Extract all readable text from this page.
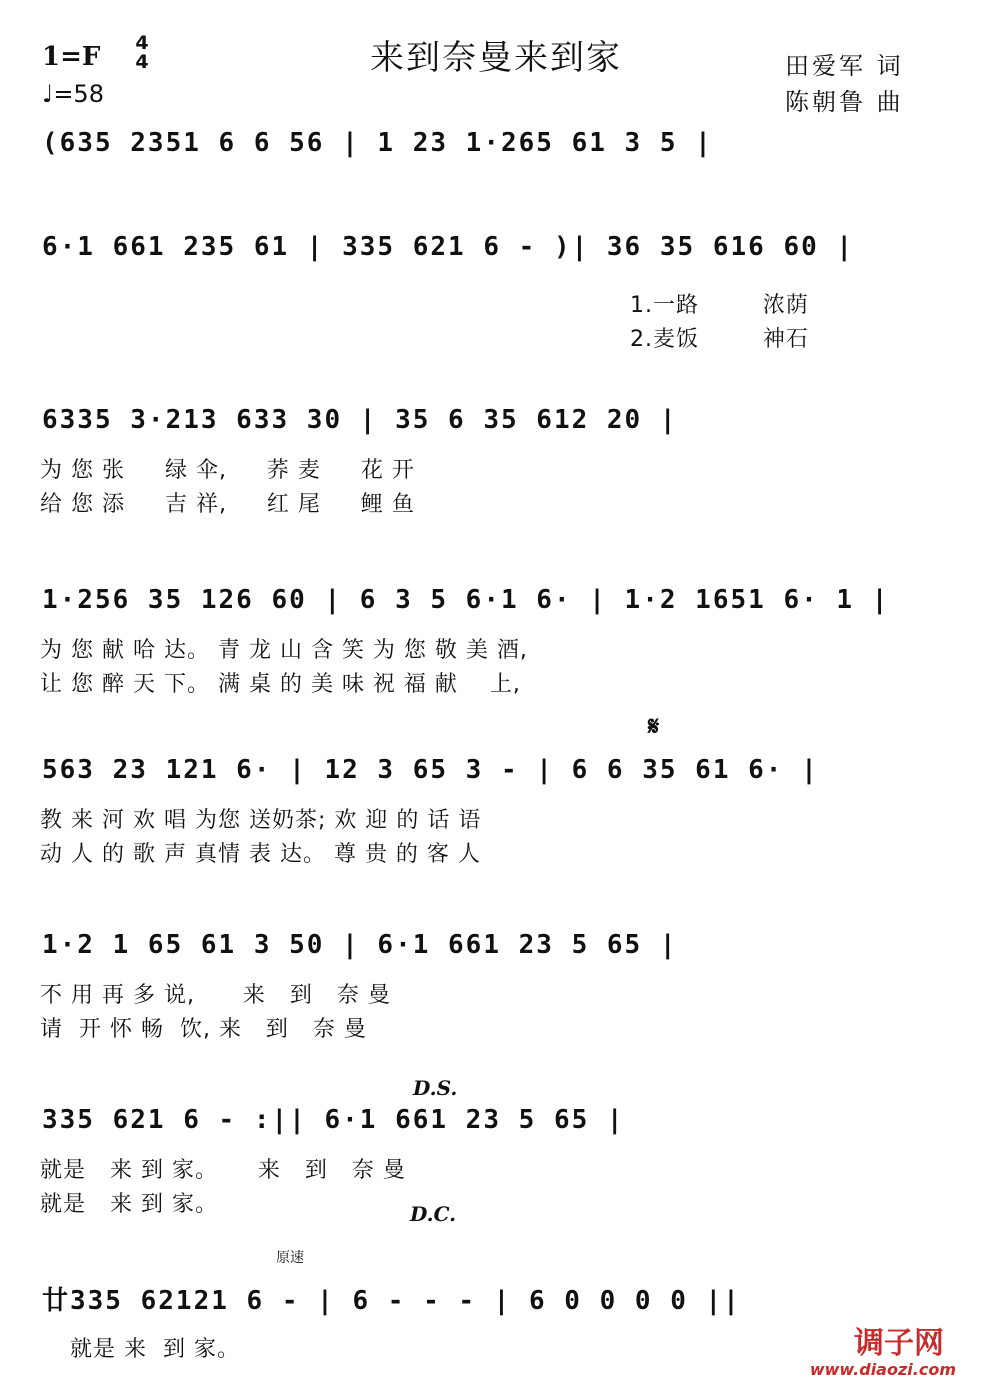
来到奈曼来到家
1=F 4
4
♩=58
田爱军 词
陈朝鲁 曲
(635 2351 6 6 56 | 1 23 1·265 61 3 5 |
6·1 661 235 61 | 335 621 6 - )| 36 35 616 60 |
1.一路        浓荫
2.麦饭        神石
6335 3·213 633 30 | 35 6 35 612 20 |
为 您 张     绿 伞,     荞 麦     花 开
给 您 添     吉 祥,     红 尾     鲤 鱼
1·256 35 126 60 | 6 3 5 6·1 6· | 1·2 1651 6· 1 |
为 您 献 哈 达。 青 龙 山 含 笑 为 您 敬 美 酒,
让 您 醉 天 下。 满 桌 的 美 味 祝 福 献    上,
563 23 121 6· | 12 3 65 3 - | 6 6 35 61 6· |
教 来 河 欢 唱 为您 送奶茶; 欢 迎 的 话 语
动 人 的 歌 声 真情 表 达。 尊 贵 的 客 人
1·2 1 65 61 3 50 | 6·1 661 23 5 65 |
不 用 再 多 说,      来   到   奈 曼
请  开 怀 畅  饮, 来   到   奈 曼
335 621 6 - :|| 6·1 661 23 5 65 |
就是   来 到 家。     来   到   奈 曼
就是   来 到 家。
廿335 62121 6 - | 6 - - - | 6 0 0 0 0 ||
就是 来  到 家。
𝄋
D.S.
D.C.
原速
调子网
www.diaozi.com
